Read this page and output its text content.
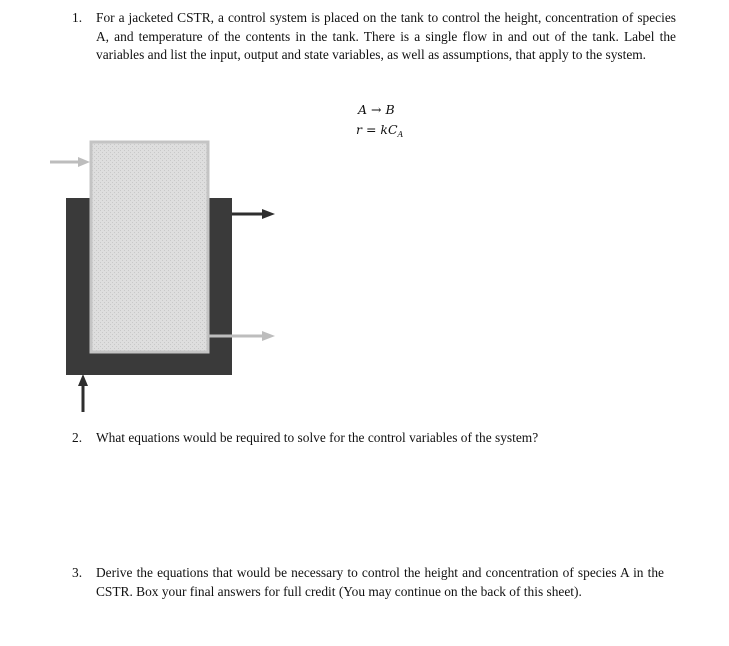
1. For a jacketed CSTR, a control system is placed on the tank to control the height, concentration of species A, and temperature of the contents in the tank. There is a single flow in and out of the tank. Label the variables and list the input, output and state variables, as well as assumptions, that apply to the system.
A → B
$r = kC_A$
2. What equations would be required to solve for the control variables of the system?
3. Derive the equations that would be necessary to control the height and concentration of species A in the CSTR. Box your final answers for full credit (You may continue on the back of this sheet).
